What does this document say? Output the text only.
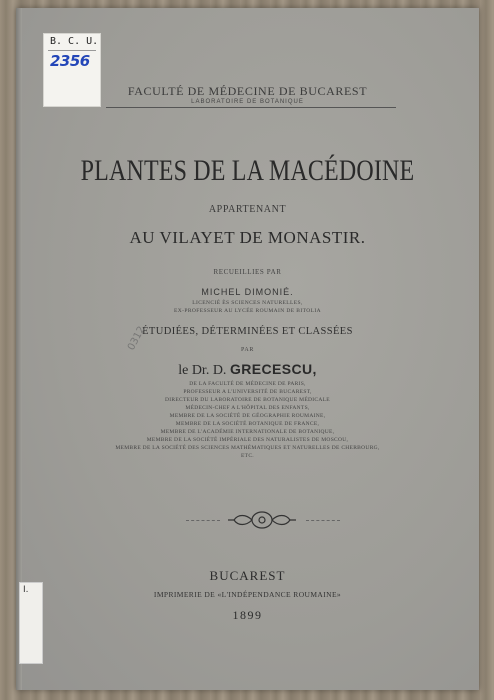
FACULTÉ DE MÉDECINE DE BUCAREST
LABORATOIRE DE BOTANIQUE
PLANTES DE LA MACÉDOINE
APPARTENANT
AU VILAYET DE MONASTIR.
RECUEILLIES PAR
MICHEL DIMONIÉ.
LICENCIÉ ÈS SCIENCES NATURELLES,
EX-PROFESSEUR AU LYCÉE ROUMAIN DE BITOLIA
ÉTUDIÉES, DÉTERMINÉES ET CLASSÉES
PAR
le Dr. D. GRECESCU,
DE LA FACULTÉ DE MÉDECINE DE PARIS,
PROFESSEUR A L'UNIVERSITÉ DE BUCAREST,
DIRECTEUR DU LABORATOIRE DE BOTANIQUE MÉDICALE
MÉDECIN-CHEF A L'HÔPITAL DES ENFANTS,
MEMBRE DE LA SOCIÉTÉ DE GÉOGRAPHIE ROUMAINE,
MEMBRE DE LA SOCIÉTÉ BOTANIQUE DE FRANCE,
MEMBRE DE L'ACADÉMIE INTERNATIONALE DE BOTANIQUE,
MEMBRE DE LA SOCIÉTÉ IMPÉRIALE DES NATURALISTES DE MOSCOU,
MEMBRE DE LA SOCIÉTÉ DES SCIENCES MATHÉMATIQUES ET NATURELLES DE CHERBOURG,
ETC.
BUCAREST
IMPRIMERIE DE «L'INDÉPENDANCE ROUMAINE»
1899
0312
B. C. U.
2356
I.
